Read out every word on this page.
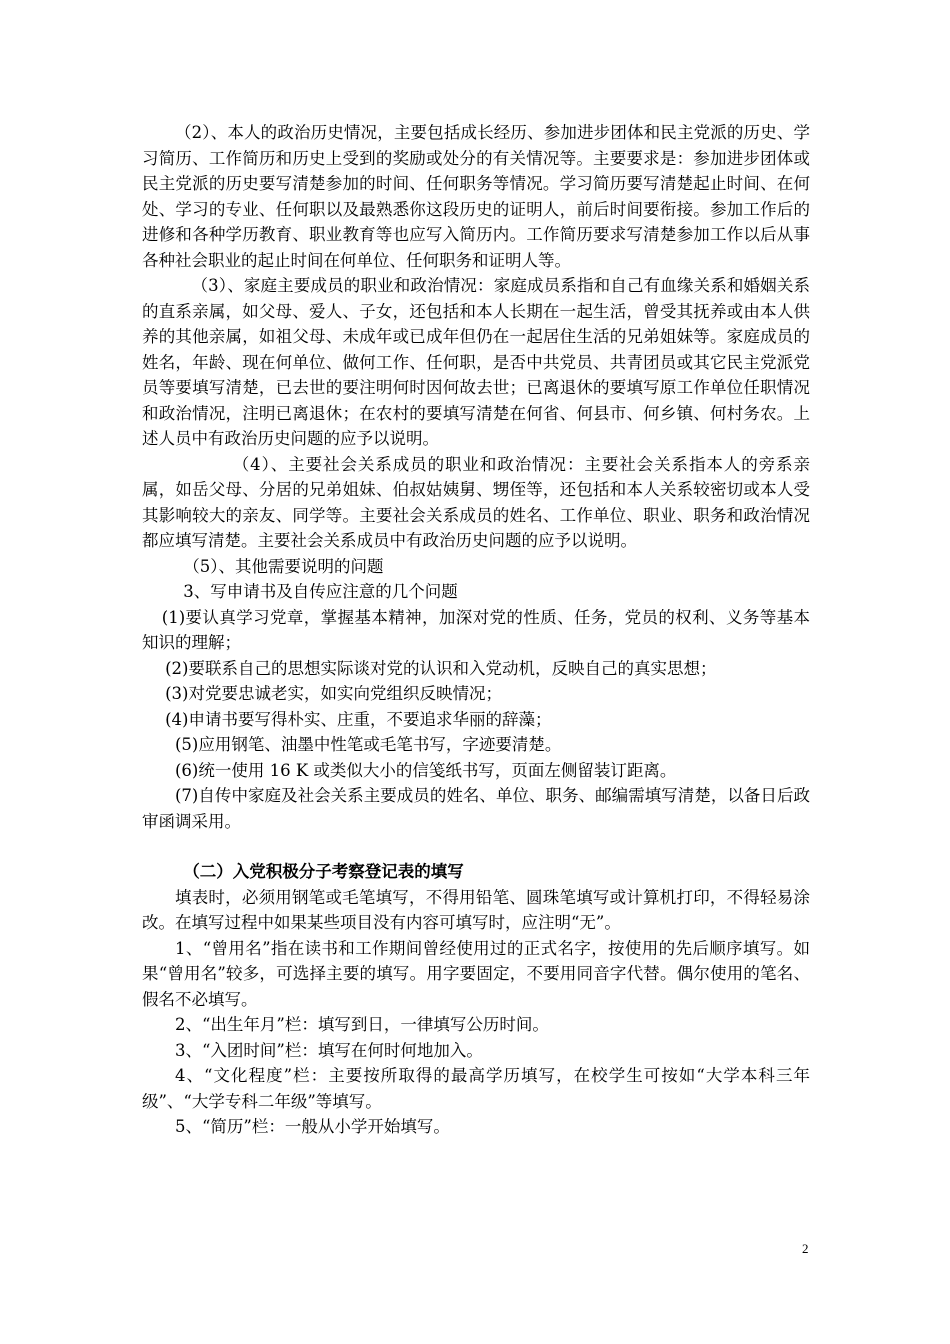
（2）、本人的政治历史情况，主要包括成长经历、参加进步团体和民主党派的历史、学习简历、工作简历和历史上受到的奖励或处分的有关情况等。主要要求是：参加进步团体或民主党派的历史要写清楚参加的时间、任何职务等情况。学习简历要写清楚起止时间、在何处、学习的专业、任何职以及最熟悉你这段历史的证明人，前后时间要衔接。参加工作后的进修和各种学历教育、职业教育等也应写入简历内。工作简历要求写清楚参加工作以后从事各种社会职业的起止时间在何单位、任何职务和证明人等。

（3）、家庭主要成员的职业和政治情况：家庭成员系指和自己有血缘关系和婚姻关系的直系亲属，如父母、爱人、子女，还包括和本人长期在一起生活，曾受其抚养或由本人供养的其他亲属，如祖父母、未成年或已成年但仍在一起居住生活的兄弟姐妹等。家庭成员的姓名，年龄、现在何单位、做何工作、任何职，是否中共党员、共青团员或其它民主党派党员等要填写清楚，已去世的要注明何时因何故去世；已离退休的要填写原工作单位任职情况和政治情况，注明已离退休；在农村的要填写清楚在何省、何县市、何乡镇、何村务农。上述人员中有政治历史问题的应予以说明。

（4）、主要社会关系成员的职业和政治情况：主要社会关系指本人的旁系亲属，如岳父母、分居的兄弟姐妹、伯叔姑姨舅、甥侄等，还包括和本人关系较密切或本人受其影响较大的亲友、同学等。主要社会关系成员的姓名、工作单位、职业、职务和政治情况都应填写清楚。主要社会关系成员中有政治历史问题的应予以说明。

（5）、其他需要说明的问题

3、写申请书及自传应注意的几个问题

(1)要认真学习党章，掌握基本精神，加深对党的性质、任务，党员的权利、义务等基本知识的理解；

(2)要联系自己的思想实际谈对党的认识和入党动机，反映自己的真实思想；

(3)对党要忠诚老实，如实向党组织反映情况；

(4)申请书要写得朴实、庄重，不要追求华丽的辞藻；

(5)应用钢笔、油墨中性笔或毛笔书写，字迹要清楚。

(6)统一使用 16 K 或类似大小的信笺纸书写，页面左侧留装订距离。

(7)自传中家庭及社会关系主要成员的姓名、单位、职务、邮编需填写清楚，以备日后政审函调采用。

（二）入党积极分子考察登记表的填写

填表时，必须用钢笔或毛笔填写，不得用铅笔、圆珠笔填写或计算机打印，不得轻易涂改。在填写过程中如果某些项目没有内容可填写时，应注明“无”。

1、“曾用名”指在读书和工作期间曾经使用过的正式名字，按使用的先后顺序填写。如果“曾用名”较多，可选择主要的填写。用字要固定，不要用同音字代替。偶尔使用的笔名、假名不必填写。

2、“出生年月”栏：填写到日，一律填写公历时间。

3、“入团时间”栏：填写在何时何地加入。

4、“文化程度”栏：主要按所取得的最高学历填写，在校学生可按如“大学本科三年级”、“大学专科二年级”等填写。

5、“简历”栏：一般从小学开始填写。

2
